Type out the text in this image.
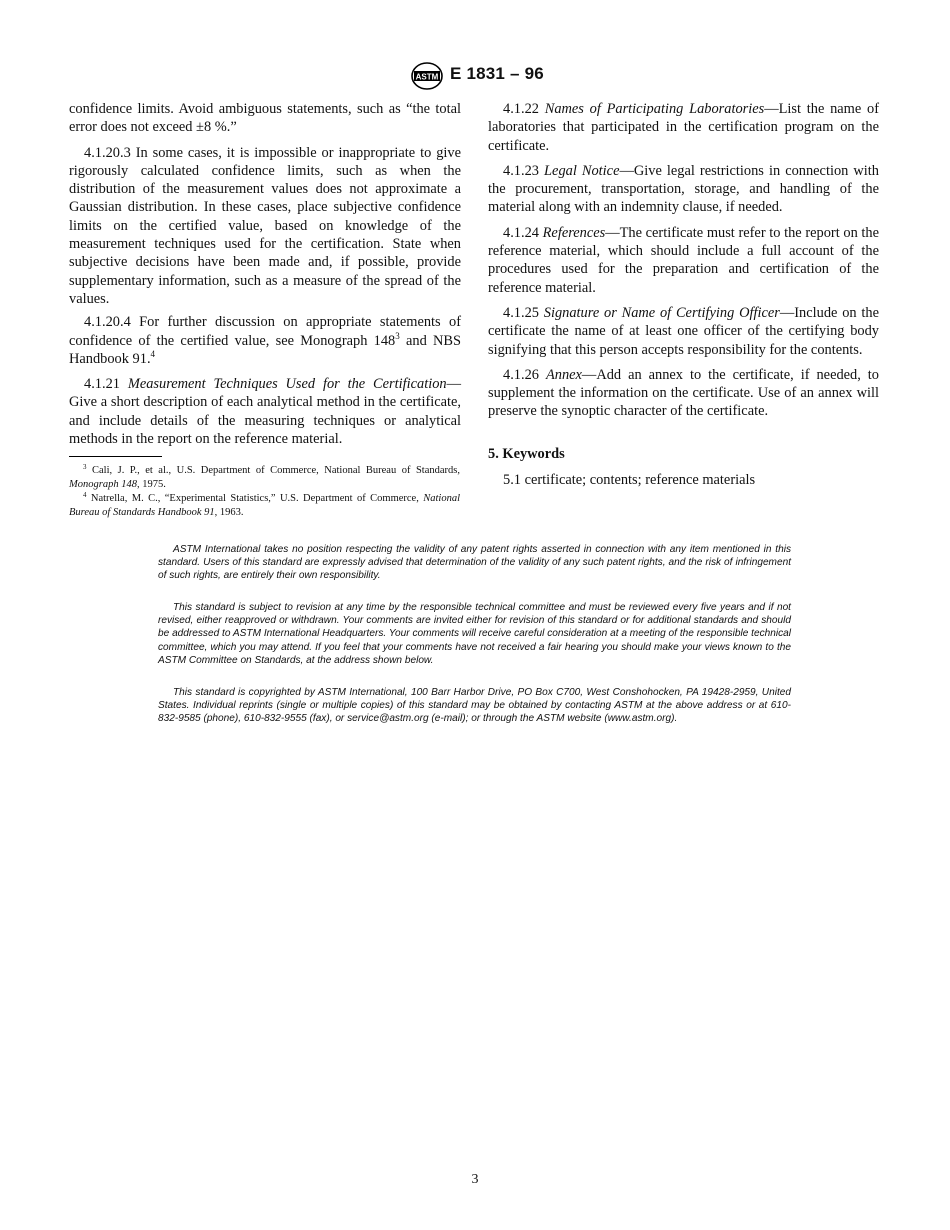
ASTM E 1831 – 96

confidence limits. Avoid ambiguous statements, such as “the total error does not exceed ±8 %.”

4.1.20.3 In some cases, it is impossible or inappropriate to give rigorously calculated confidence limits, such as when the distribution of the measurement values does not approximate a Gaussian distribution. In these cases, place subjective confidence limits on the certified value, based on knowledge of the measurement techniques used for the certification. State when subjective decisions have been made and, if possible, provide supplementary information, such as a measure of the spread of the values.

4.1.20.4 For further discussion on appropriate statements of confidence of the certified value, see Monograph $148^3$ and NBS Handbook 91.$^4$

4.1.21 Measurement Techniques Used for the Certification—Give a short description of each analytical method in the certificate, and include details of the measuring techniques or analytical methods in the report on the reference material.

$^3$ Cali, J. P., et al., U.S. Department of Commerce, National Bureau of Standards, Monograph 148, 1975.

$^4$ Natrella, M. C., “Experimental Statistics,” U.S. Department of Commerce, National Bureau of Standards Handbook 91, 1963.

4.1.22 Names of Participating Laboratories—List the name of laboratories that participated in the certification program on the certificate.

4.1.23 Legal Notice—Give legal restrictions in connection with the procurement, transportation, storage, and handling of the material along with an indemnity clause, if needed.

4.1.24 References—The certificate must refer to the report on the reference material, which should include a full account of the procedures used for the preparation and certification of the reference material.

4.1.25 Signature or Name of Certifying Officer—Include on the certificate the name of at least one officer of the certifying body signifying that this person accepts responsibility for the contents.

4.1.26 Annex—Add an annex to the certificate, if needed, to supplement the information on the certificate. Use of an annex will preserve the synoptic character of the certificate.

5. Keywords
5.1 certificate; contents; reference materials

ASTM International takes no position respecting the validity of any patent rights asserted in connection with any item mentioned in this standard. Users of this standard are expressly advised that determination of the validity of any such patent rights, and the risk of infringement of such rights, are entirely their own responsibility.

This standard is subject to revision at any time by the responsible technical committee and must be reviewed every five years and if not revised, either reapproved or withdrawn. Your comments are invited either for revision of this standard or for additional standards and should be addressed to ASTM International Headquarters. Your comments will receive careful consideration at a meeting of the responsible technical committee, which you may attend. If you feel that your comments have not received a fair hearing you should make your views known to the ASTM Committee on Standards, at the address shown below.

This standard is copyrighted by ASTM International, 100 Barr Harbor Drive, PO Box C700, West Conshohocken, PA 19428-2959, United States. Individual reprints (single or multiple copies) of this standard may be obtained by contacting ASTM at the above address or at 610-832-9585 (phone), 610-832-9555 (fax), or service@astm.org (e-mail); or through the ASTM website (www.astm.org).

3
